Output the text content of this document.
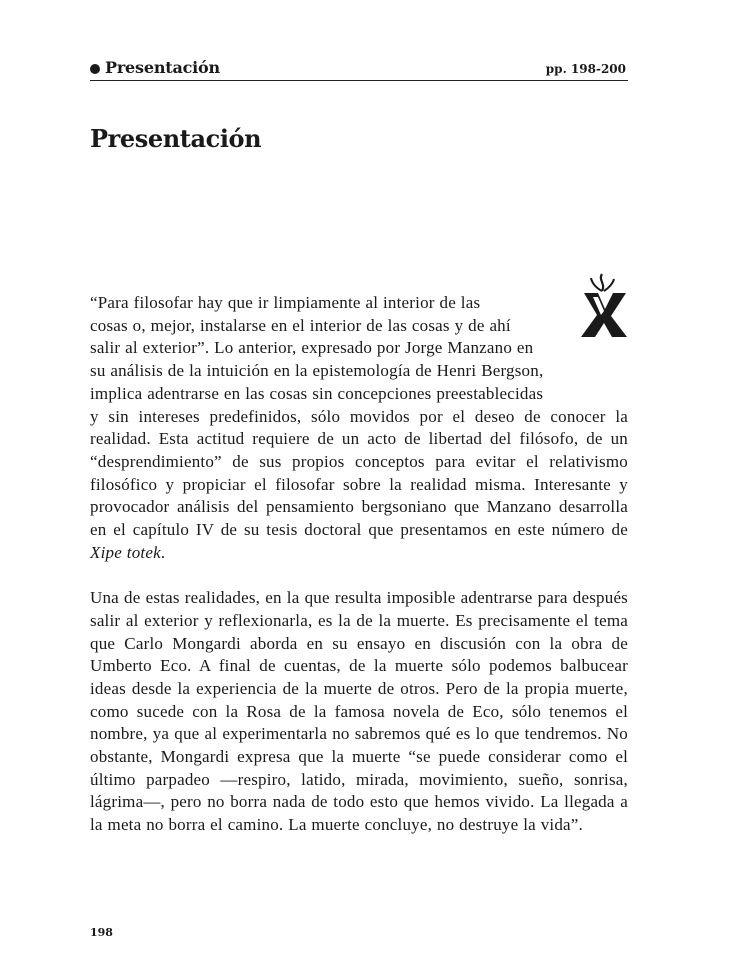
Presentación	pp. 198-200
Presentación

“Para filosofar hay que ir limpiamente al interior de las
cosas o, mejor, instalarse en el interior de las cosas y de ahí
salir al exterior”. Lo anterior, expresado por Jorge Manzano en
su análisis de la intuición en la epistemología de Henri Bergson,
implica adentrarse en las cosas sin concepciones preestablecidas
y sin intereses predefinidos, sólo movidos por el deseo de conocer la realidad. Esta actitud requiere de un acto de libertad del filósofo, de un “desprendimiento” de sus propios conceptos para evitar el relativismo filosófico y propiciar el filosofar sobre la realidad misma. Interesante y provocador análisis del pensamiento bergsoniano que Manzano desarrolla en el capítulo IV de su tesis doctoral que presentamos en este número de Xipe totek.

Una de estas realidades, en la que resulta imposible adentrarse para después salir al exterior y reflexionarla, es la de la muerte. Es precisamente el tema que Carlo Mongardi aborda en su ensayo en discusión con la obra de Umberto Eco. A final de cuentas, de la muerte sólo podemos balbucear ideas desde la experiencia de la muerte de otros. Pero de la propia muerte, como sucede con la Rosa de la famosa novela de Eco, sólo tenemos el nombre, ya que al experimentarla no sabremos qué es lo que tendremos. No obstante, Mongardi expresa que la muerte “se puede considerar como el último parpadeo —respiro, latido, mirada, movimiento, sueño, sonrisa, lágrima—, pero no borra nada de todo esto que hemos vivido. La llegada a la meta no borra el camino. La muerte concluye, no destruye la vida”.

198
